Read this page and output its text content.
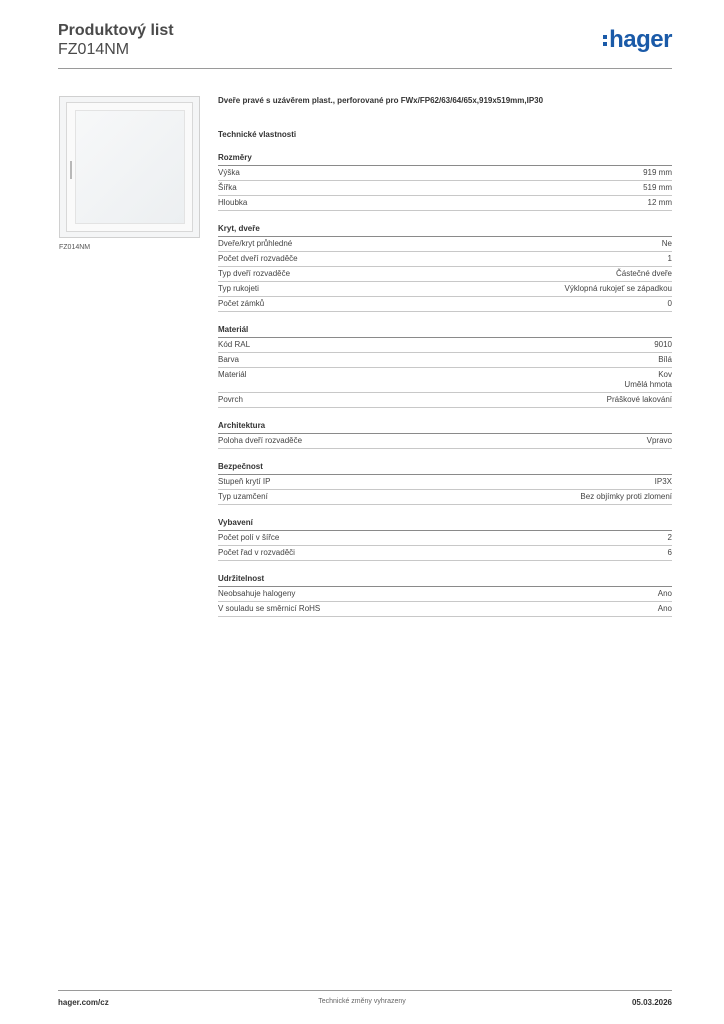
Produktový list
FZ014NM	hager
FZ014NM
Dveře pravé s uzávěrem plast., perforované pro FWx/FP62/63/64/65x,919x519mm,IP30
Technické vlastnosti
Rozměry
Výška	919 mm
Šířka	519 mm
Hloubka	12 mm
Kryt, dveře
Dveře/kryt průhledné	Ne
Počet dveří rozvaděče	1
Typ dveří rozvaděče	Částečné dveře
Typ rukojeti	Výklopná rukojeť se západkou
Počet zámků	0
Materiál
Kód RAL	9010
Barva	Bílá
Materiál	Kov
Umělá hmota
Povrch	Práškové lakování
Architektura
Poloha dveří rozvaděče	Vpravo
Bezpečnost
Stupeň krytí IP	IP3X
Typ uzamčení	Bez objímky proti zlomení
Vybavení
Počet polí v šířce	2
Počet řad v rozvaděči	6
Udržitelnost
Neobsahuje halogeny	Ano
V souladu se směrnicí RoHS	Ano
hager.com/cz	Technické změny vyhrazeny	05.03.2026
